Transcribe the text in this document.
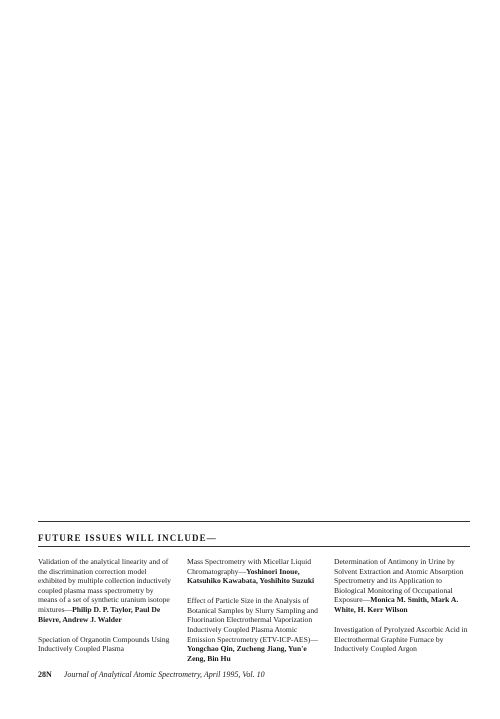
FUTURE ISSUES WILL INCLUDE—
Validation of the analytical linearity and of the discrimination correction model exhibited by multiple collection inductively coupled plasma mass spectrometry by means of a set of synthetic uranium isotope mixtures—Philip D. P. Taylor, Paul De Bievre, Andrew J. Walder
Speciation of Organotin Compounds Using Inductively Coupled Plasma
Mass Spectrometry with Micellar Liquid Chromatography—Yoshinori Inoue, Katsuhiko Kawabata, Yoshihito Suzuki
Effect of Particle Size in the Analysis of Botanical Samples by Slurry Sampling and Fluorination Electrothermal Vaporization Inductively Coupled Plasma Atomic Emission Spectrometry (ETV-ICP-AES)—Yongchao Qin, Zucheng Jiang, Yun'e Zeng, Bin Hu
Determination of Antimony in Urine by Solvent Extraction and Atomic Absorption Spectrometry and its Application to Biological Monitoring of Occupational Exposure—Monica M. Smith, Mark A. White, H. Kerr Wilson
Investigation of Pyrolyzed Ascorbic Acid in Electrothermal Graphite Furnace by Inductively Coupled Argon
28N Journal of Analytical Atomic Spectrometry, April 1995, Vol. 10
